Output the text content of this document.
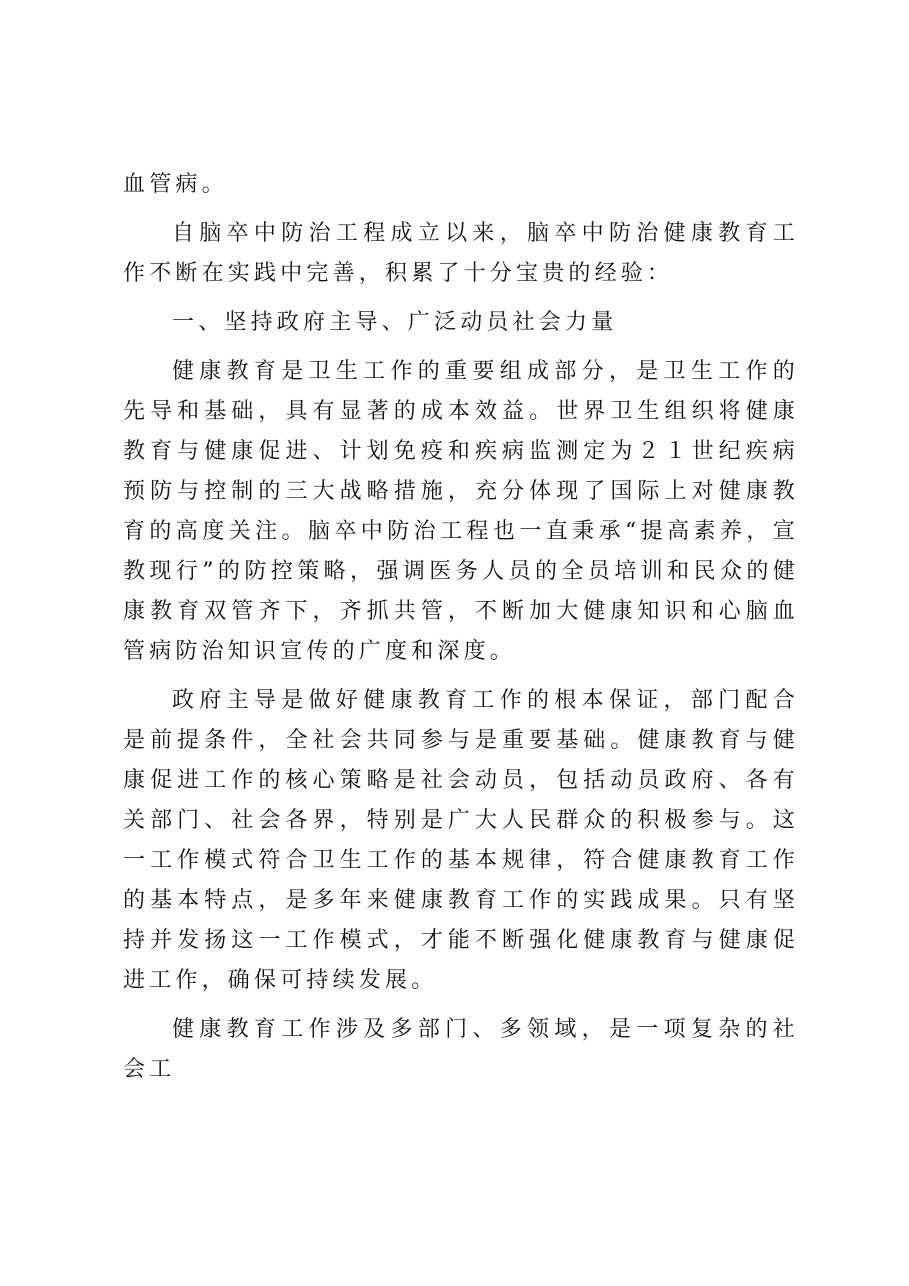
血管病。

自脑卒中防治工程成立以来，脑卒中防治健康教育工作不断在实践中完善，积累了十分宝贵的经验：

一、坚持政府主导、广泛动员社会力量

健康教育是卫生工作的重要组成部分，是卫生工作的先导和基础，具有显著的成本效益。世界卫生组织将健康教育与健康促进、计划免疫和疾病监测定为２１世纪疾病预防与控制的三大战略措施，充分体现了国际上对健康教育的高度关注。脑卒中防治工程也一直秉承“提高素养，宣教现行”的防控策略，强调医务人员的全员培训和民众的健康教育双管齐下，齐抓共管，不断加大健康知识和心脑血管病防治知识宣传的广度和深度。

政府主导是做好健康教育工作的根本保证，部门配合是前提条件，全社会共同参与是重要基础。健康教育与健康促进工作的核心策略是社会动员，包括动员政府、各有关部门、社会各界，特别是广大人民群众的积极参与。这一工作模式符合卫生工作的基本规律，符合健康教育工作的基本特点，是多年来健康教育工作的实践成果。只有坚持并发扬这一工作模式，才能不断强化健康教育与健康促进工作，确保可持续发展。

健康教育工作涉及多部门、多领域，是一项复杂的社会工
